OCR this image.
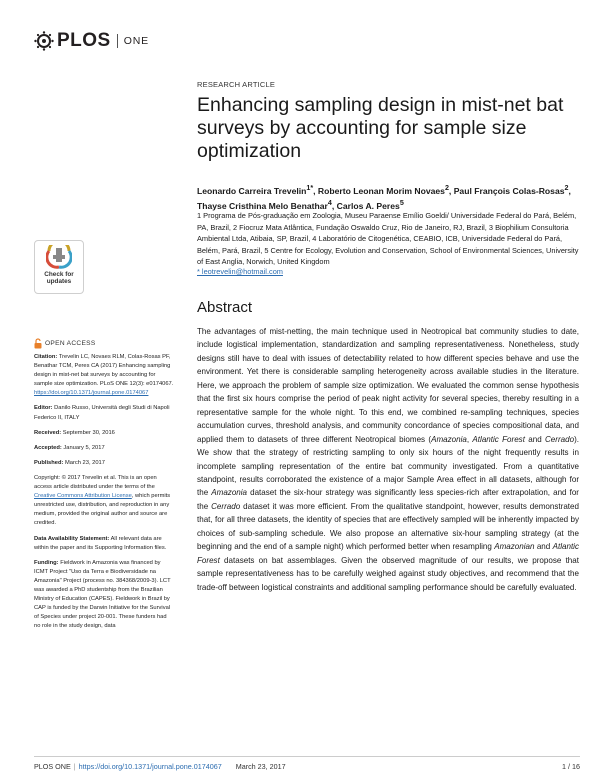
PLOS ONE
RESEARCH ARTICLE
Enhancing sampling design in mist-net bat surveys by accounting for sample size optimization
Leonardo Carreira Trevelin$^{1*}$, Roberto Leonan Morim Novaes$^2$, Paul François Colas-Rosas$^2$, Thayse Cristhina Melo Benathar$^4$, Carlos A. Peres$^5$
1 Programa de Pós-graduação em Zoologia, Museu Paraense Emílio Goeldi/ Universidade Federal do Pará, Belém, PA, Brazil, 2 Fiocruz Mata Atlântica, Fundação Oswaldo Cruz, Rio de Janeiro, RJ, Brazil, 3 Biophilium Consultoria Ambiental Ltda, Atibaia, SP, Brazil, 4 Laboratório de Citogenética, CEABIO, ICB, Universidade Federal do Pará, Belém, Pará, Brazil, 5 Centre for Ecology, Evolution and Conservation, School of Environmental Sciences, University of East Anglia, Norwich, United Kingdom
* leotrevelin@hotmail.com
Abstract

The advantages of mist-netting, the main technique used in Neotropical bat community studies to date, include logistical implementation, standardization and sampling representativeness. Nonetheless, study designs still have to deal with issues of detectability related to how different species behave and use the environment. Yet there is considerable sampling heterogeneity across available studies in the literature. Here, we approach the problem of sample size optimization. We evaluated the common sense hypothesis that the first six hours comprise the period of peak night activity for several species, thereby resulting in a representative sample for the whole night. To this end, we combined re-sampling techniques, species accumulation curves, threshold analysis, and community concordance of species compositional data, and applied them to datasets of three different Neotropical biomes (Amazonia, Atlantic Forest and Cerrado). We show that the strategy of restricting sampling to only six hours of the night frequently results in incomplete sampling representation of the entire bat community investigated. From a quantitative standpoint, results corroborated the existence of a major Sample Area effect in all datasets, although for the Amazonia dataset the six-hour strategy was significantly less species-rich after extrapolation, and for the Cerrado dataset it was more efficient. From the qualitative standpoint, however, results demonstrated that, for all three datasets, the identity of species that are effectively sampled will be inherently impacted by choices of sub-sampling schedule. We also propose an alternative six-hour sampling strategy (at the beginning and the end of a sample night) which performed better when resampling Amazonian and Atlantic Forest datasets on bat assemblages. Given the observed magnitude of our results, we propose that sample representativeness has to be carefully weighed against study objectives, and recommend that the trade-off between logistical constraints and additional sampling performance should be carefully evaluated.

Check for
updates
OPEN ACCESS

Citation: Trevelin LC, Novaes RLM, Colas-Rosas PF, Benathar TCM, Peres CA (2017) Enhancing sampling design in mist-net bat surveys by accounting for sample size optimization. PLoS ONE 12(3): e0174067. https://doi.org/10.1371/journal.pone.0174067

Editor: Danilo Russo, Università degli Studi di Napoli Federico II, ITALY

Received: September 30, 2016

Accepted: January 5, 2017

Published: March 23, 2017

Copyright: © 2017 Trevelin et al. This is an open access article distributed under the terms of the Creative Commons Attribution License, which permits unrestricted use, distribution, and reproduction in any medium, provided the original author and source are credited.

Data Availability Statement: All relevant data are within the paper and its Supporting Information files.

Funding: Fieldwork in Amazonia was financed by ICMT Project "Uso da Terra e Biodiversidade na Amazonia" Project (process no. 384368/2009-3). LCT was awarded a PhD studentship from the Brazilian Ministry of Education (CAPES). Fieldwork in Brazil by CAP is funded by the Darwin Initiative for the Survival of Species under project 20-001. These funders had no role in the study design, data

PLOS ONE | https://doi.org/10.1371/journal.pone.0174067 March 23, 2017	1 / 16
